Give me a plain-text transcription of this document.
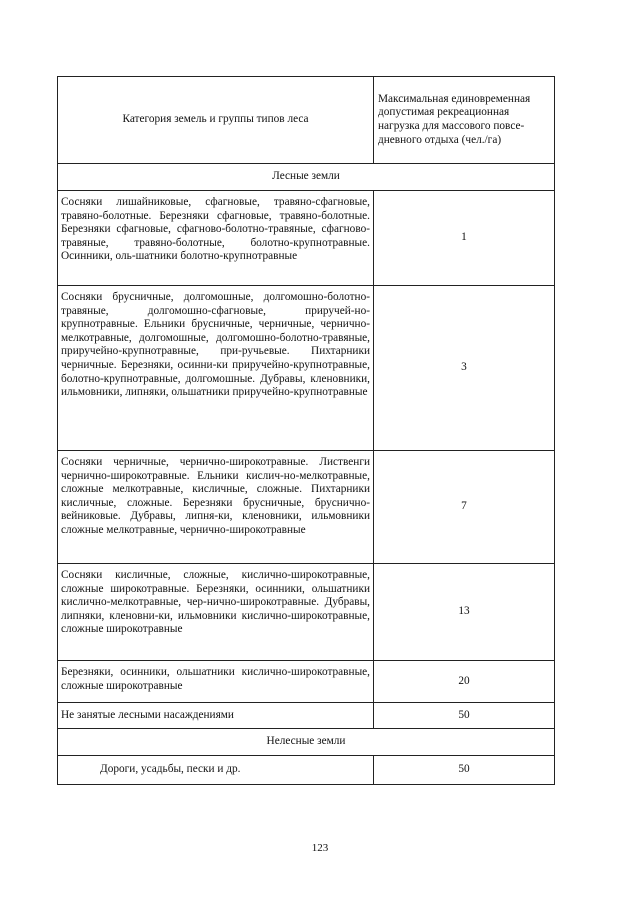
Категория земель и группы типов леса	Максимальная единовременная допустимая рекреационная нагрузка для массового повсе-дневного отдыха (чел./га)
Лесные земли	
Сосняки лишайниковые, сфагновые, травяно-сфагновые, травяно-болотные. Березняки сфагновые, травяно-болотные. Березняки сфагновые, сфагново-болотно-травяные, сфагново-травяные, травяно-болотные, болотно-крупнотравные. Осинники, оль-шатники болотно-крупнотравные	1
Сосняки брусничные, долгомошные, долгомошно-болотно-травяные, долгомошно-сфагновые, приручей-но-крупнотравные. Ельники брусничные, черничные, чернично-мелкотравные, долгомошные, долгомошно-болотно-травяные, приручейно-крупнотравные, при-ручьевые. Пихтарники черничные. Березняки, осинни-ки приручейно-крупнотравные, болотно-крупнотравные, долгомошные. Дубравы, кленовники, ильмовники, липняки, ольшатники приручейно-крупнотравные	3
Сосняки черничные, чернично-широкотравные. Лиственги чернично-широкотравные. Ельники кислич-но-мелкотравные, сложные мелкотравные, кисличные, сложные. Пихтарники кисличные, сложные. Березняки брусничные, бруснично-вейниковые. Дубравы, липня-ки, кленовники, ильмовники сложные мелкотравные, чернично-широкотравные	7
Сосняки кисличные, сложные, кислично-широкотравные, сложные широкотравные. Березняки, осинники, ольшатники кислично-мелкотравные, чер-нично-широкотравные. Дубравы, липняки, кленовни-ки, ильмовники кислично-широкотравные, сложные широкотравные	13
Березняки, осинники, ольшатники кислично-широкотравные, сложные широкотравные	20
Не занятые лесными насаждениями	50
Нелесные земли	
Дороги, усадьбы, пески и др.	50
123
